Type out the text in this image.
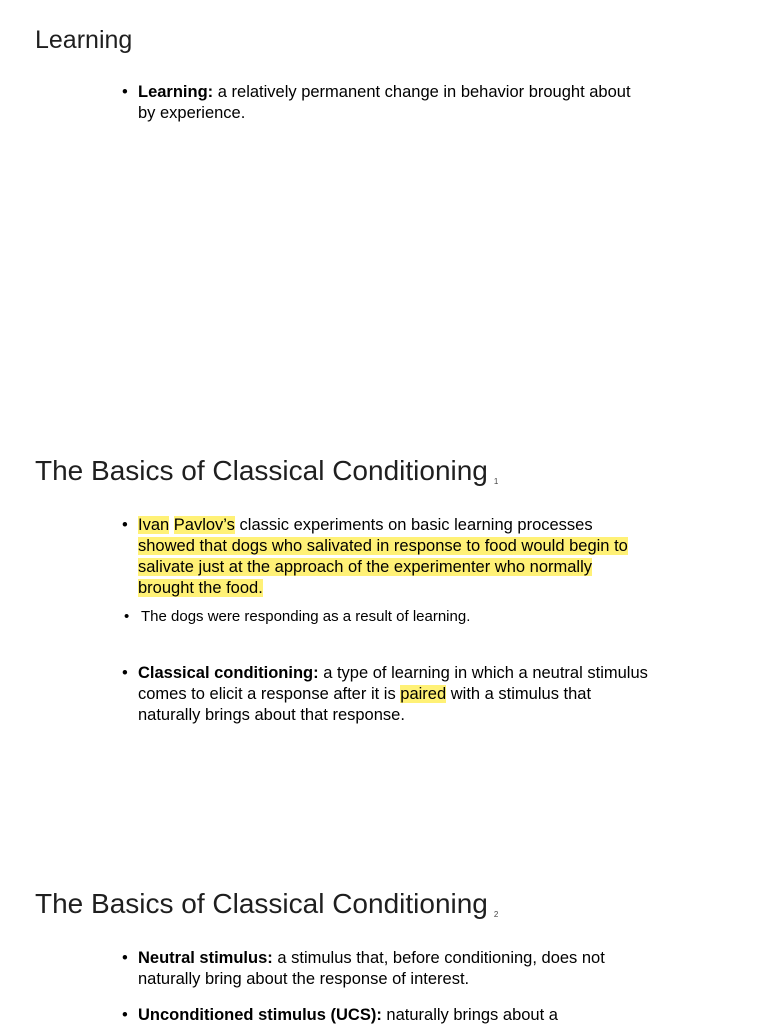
Learning
• Learning: a relatively permanent change in behavior brought about by experience.
The Basics of Classical Conditioning 1
• Ivan Pavlov’s classic experiments on basic learning processes showed that dogs who salivated in response to food would begin to salivate just at the approach of the experimenter who normally brought the food.
• The dogs were responding as a result of learning.
• Classical conditioning: a type of learning in which a neutral stimulus comes to elicit a response after it is paired with a stimulus that naturally brings about that response.
The Basics of Classical Conditioning 2
• Neutral stimulus: a stimulus that, before conditioning, does not naturally bring about the response of interest.
• Unconditioned stimulus (UCS): naturally brings about a
